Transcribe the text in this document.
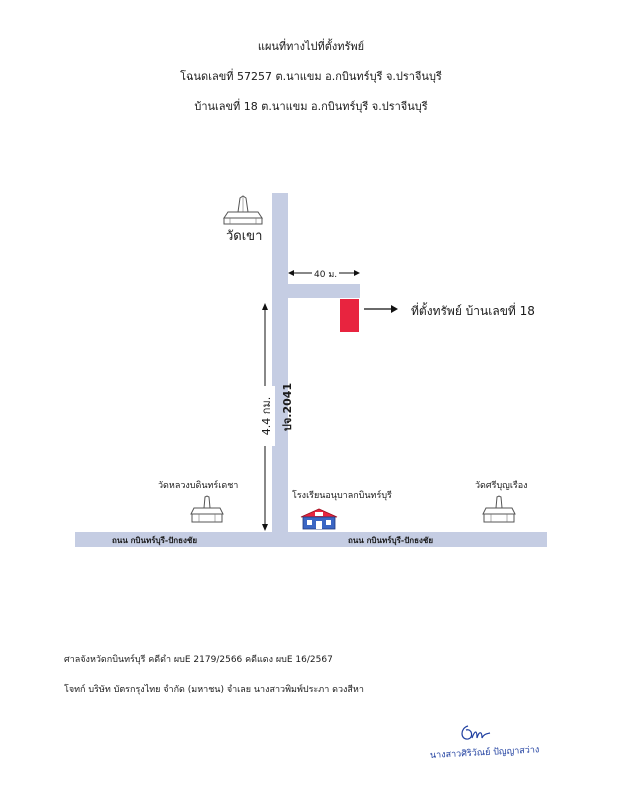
แผนที่ทางไปที่ตั้งทรัพย์
โฉนดเลขที่ 57257 ต.นาแขม อ.กบินทร์บุรี จ.ปราจีนบุรี
บ้านเลขที่ 18 ต.นาแขม อ.กบินทร์บุรี จ.ปราจีนบุรี
วัดเขา
40 ม.
ที่ตั้งทรัพย์ บ้านเลขที่ 18
4.4 กม. ปจ.2041
วัดหลวงบดินทร์เดชา
โรงเรียนอนุบาลกบินทร์บุรี
วัดศรีบุญเรือง
ถนน กบินทร์บุรี-ปักธงชัย	ถนน กบินทร์บุรี-ปักธงชัย
ศาลจังหวัดกบินทร์บุรี คดีดำ ผบE 2179/2566 คดีแดง ผบE 16/2567
โจทก์ บริษัท บัตรกรุงไทย จำกัด (มหาชน) จำเลย นางสาวพิมพ์ประภา ดวงสีหา
นางสาวศิริวัณย์ ปัญญาสว่าง
